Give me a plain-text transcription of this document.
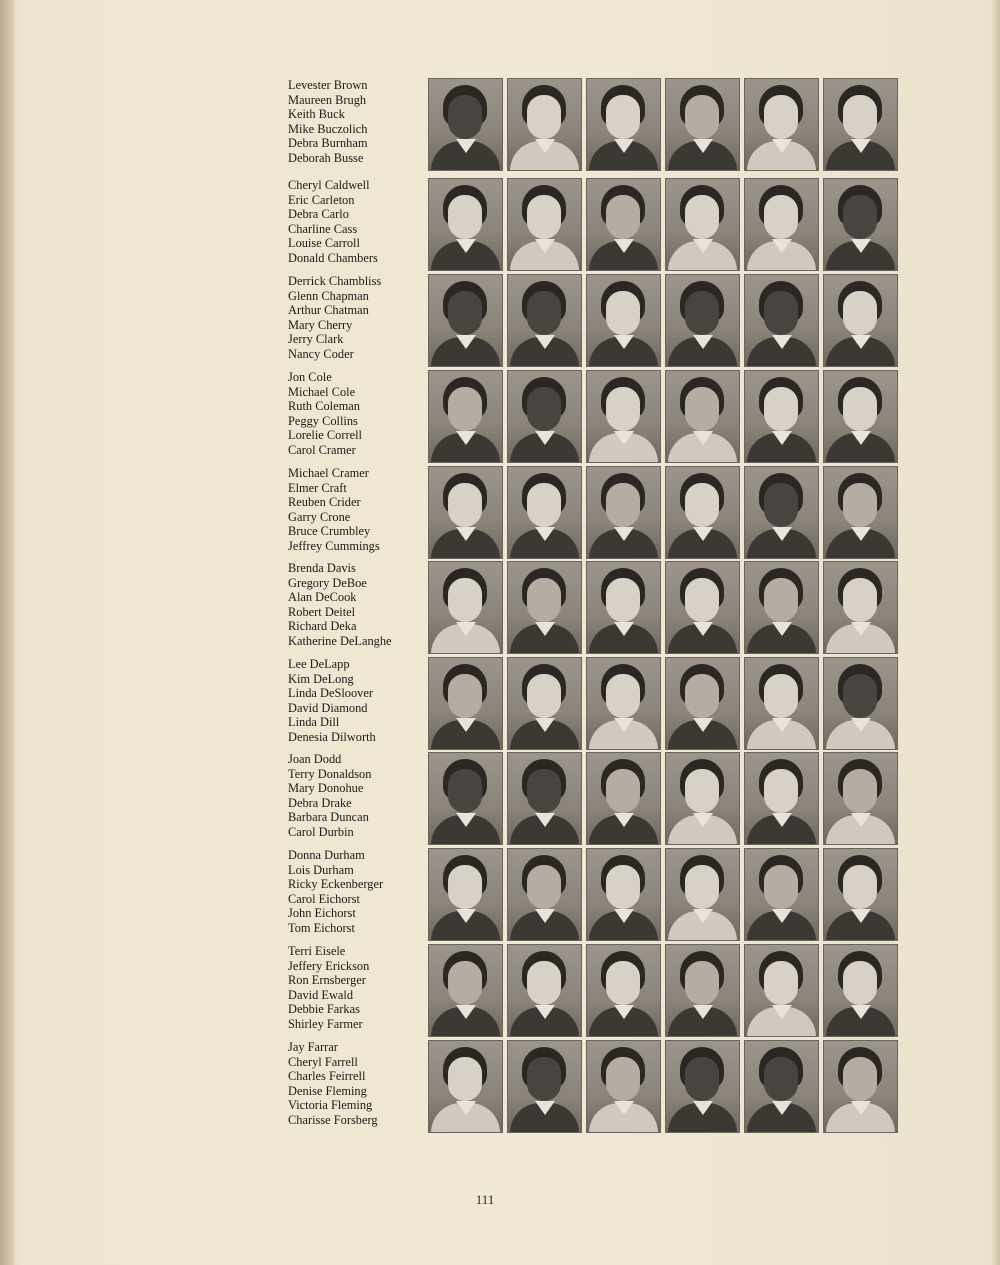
Levester Brown
Maureen Brugh
Keith Buck
Mike Buczolich
Debra Burnham
Deborah Busse
Cheryl Caldwell
Eric Carleton
Debra Carlo
Charline Cass
Louise Carroll
Donald Chambers
Derrick Chambliss
Glenn Chapman
Arthur Chatman
Mary Cherry
Jerry Clark
Nancy Coder
Jon Cole
Michael Cole
Ruth Coleman
Peggy Collins
Lorelie Correll
Carol Cramer
Michael Cramer
Elmer Craft
Reuben Crider
Garry Crone
Bruce Crumbley
Jeffrey Cummings
Brenda Davis
Gregory DeBoe
Alan DeCook
Robert Deitel
Richard Deka
Katherine DeLanghe
Lee DeLapp
Kim DeLong
Linda DeSloover
David Diamond
Linda Dill
Denesia Dilworth
Joan Dodd
Terry Donaldson
Mary Donohue
Debra Drake
Barbara Duncan
Carol Durbin
Donna Durham
Lois Durham
Ricky Eckenberger
Carol Eichorst
John Eichorst
Tom Eichorst
Terri Eisele
Jeffery Erickson
Ron Ernsberger
David Ewald
Debbie Farkas
Shirley Farmer
Jay Farrar
Cheryl Farrell
Charles Feirrell
Denise Fleming
Victoria Fleming
Charisse Forsberg
111
